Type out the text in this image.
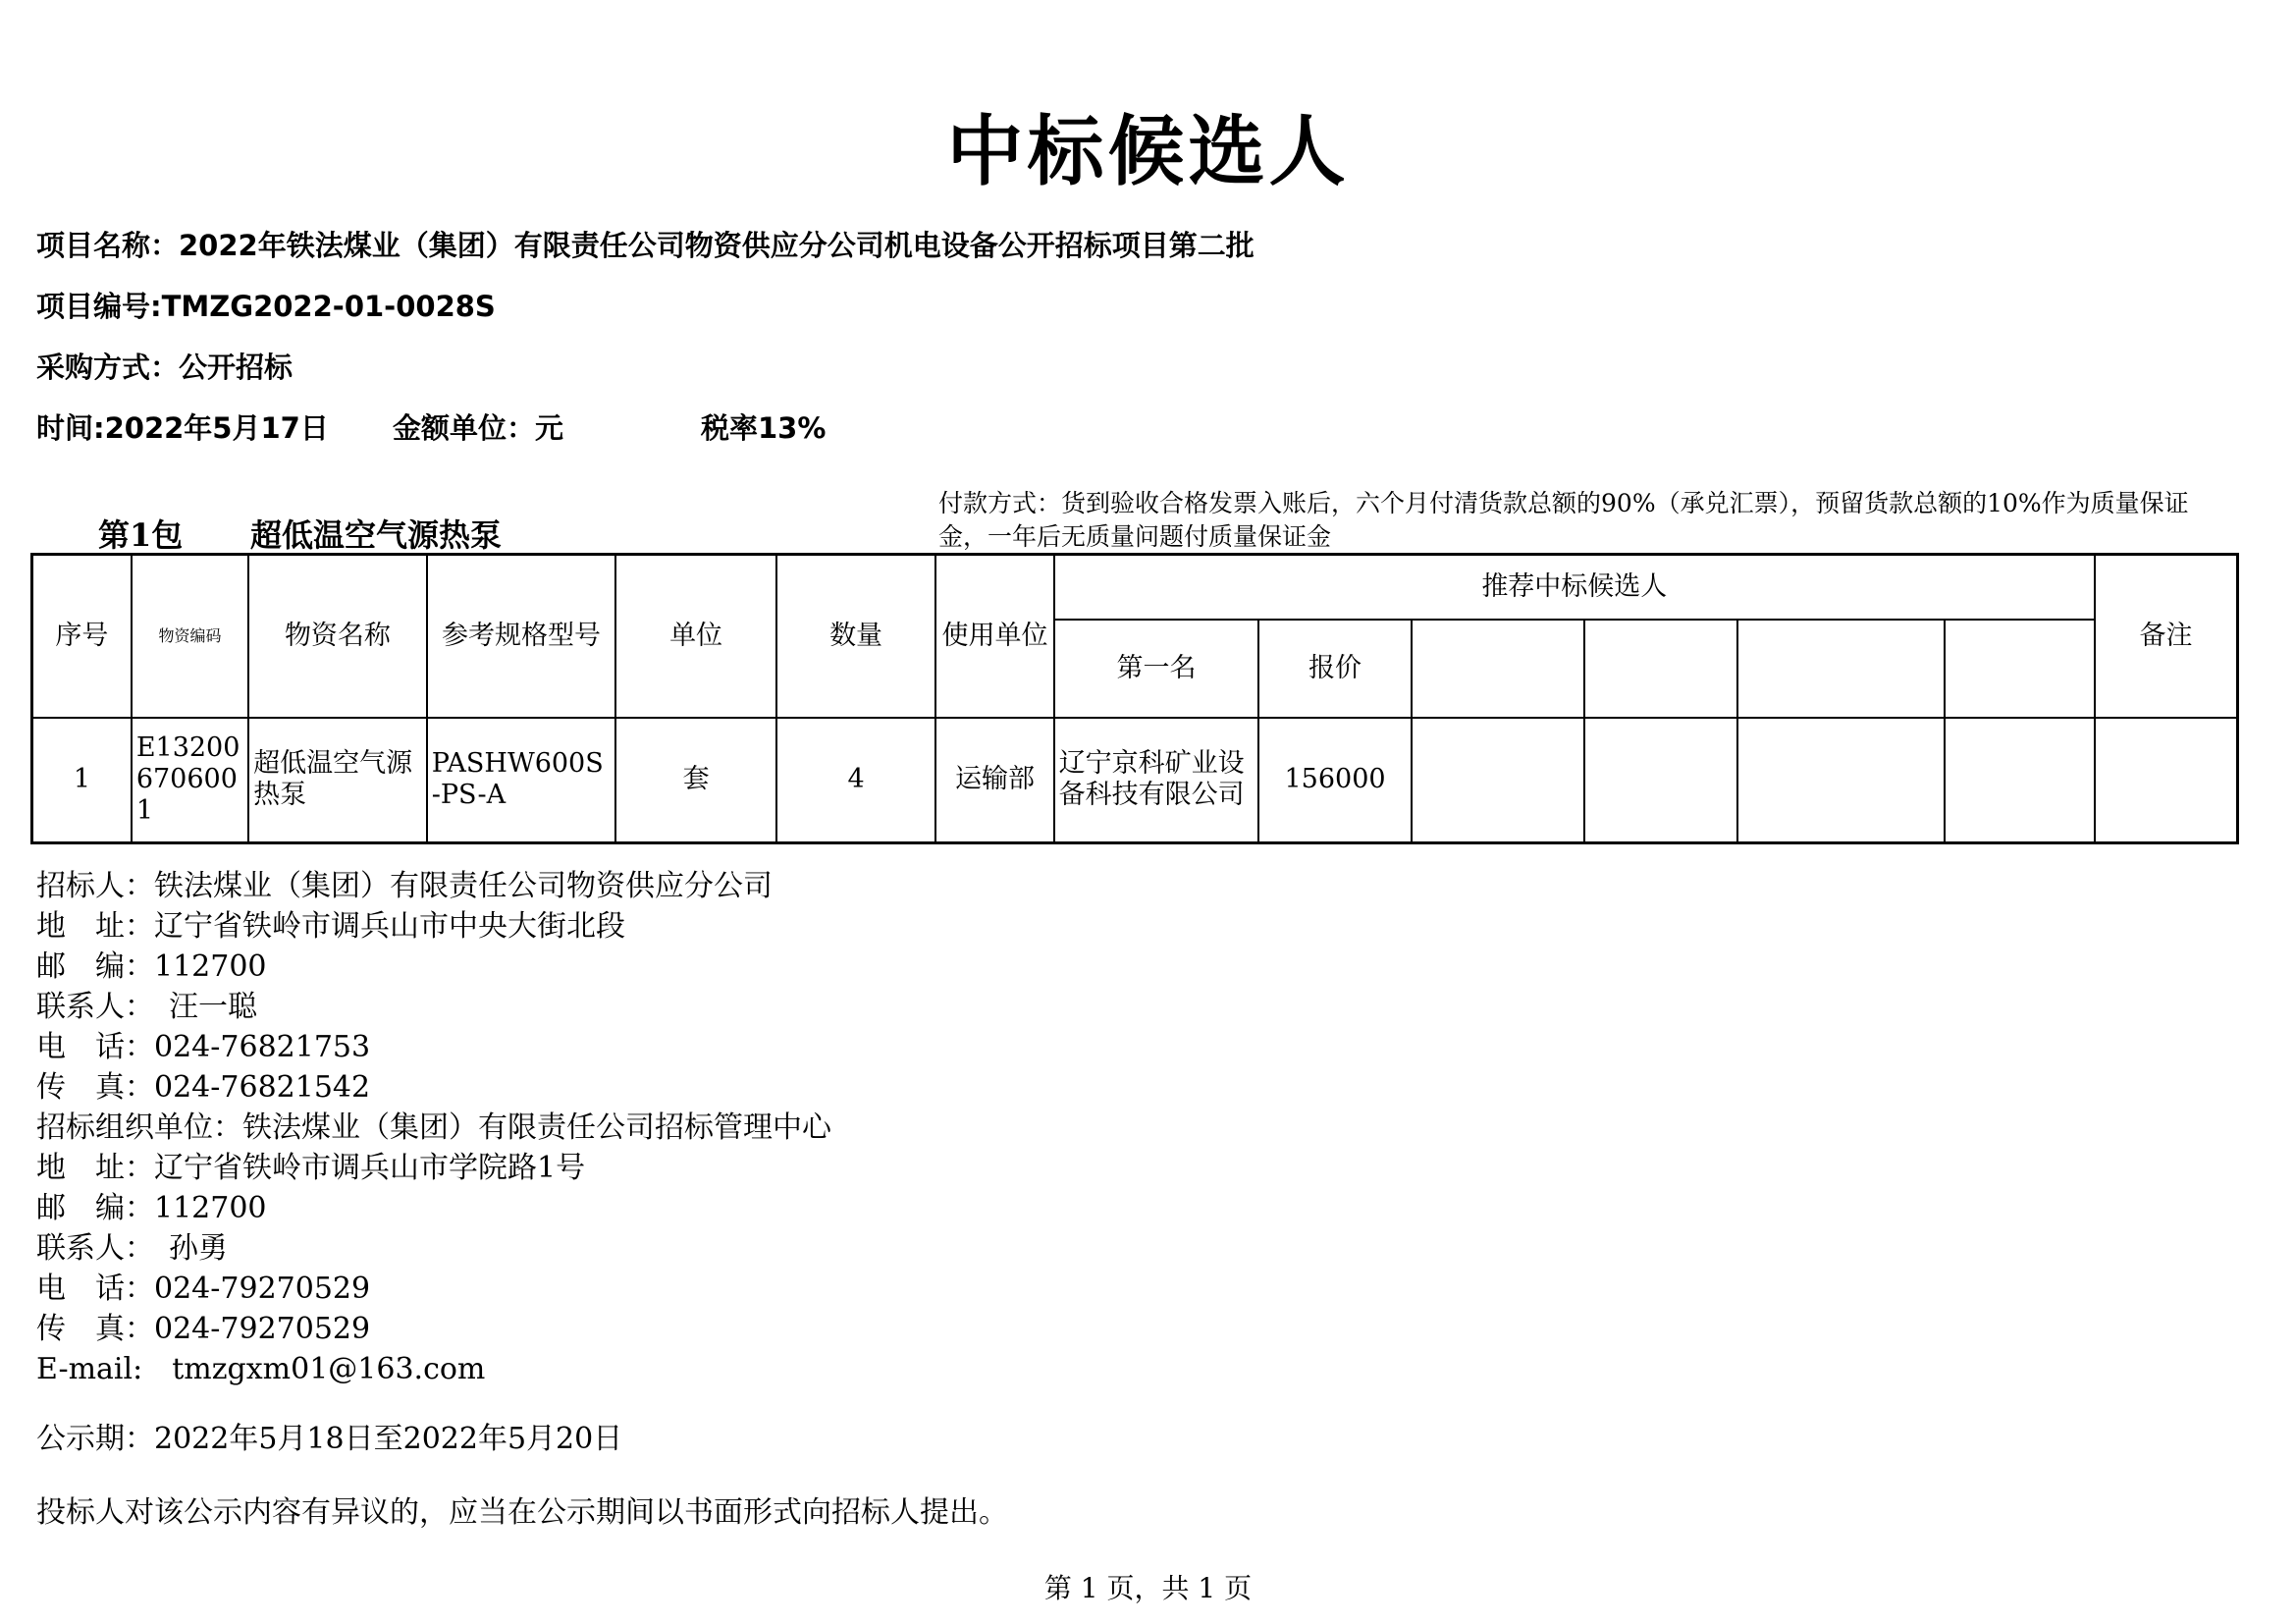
中标候选人
项目名称：2022年铁法煤业（集团）有限责任公司物资供应分公司机电设备公开招标项目第二批
项目编号:TMZG2022-01-0028S
采购方式：公开招标
时间:2022年5月17日 金额单位：元	税率13%
第1包 超低温空气源热泵
付款方式：货到验收合格发票入账后，六个月付清货款总额的90%（承兑汇票），预留货款总额的10%作为质量保证金，一年后无质量问题付质量保证金
序号	物资编码	物资名称	参考规格型号	单位	数量	使用单位	推荐中标候选人						备注
							第一名	报价					
1	E132006706001	超低温空气源热泵	PASHW600S-PS-A	套	4	运输部	辽宁京科矿业设备科技有限公司	156000					
招标人：铁法煤业（集团）有限责任公司物资供应分公司
地　址：辽宁省铁岭市调兵山市中央大街北段
邮　编：112700
联系人：　汪一聪
电　话：024-76821753
传　真：024-76821542
招标组织单位：铁法煤业（集团）有限责任公司招标管理中心
地　址：辽宁省铁岭市调兵山市学院路1号
邮　编：112700
联系人：　孙勇
电　话：024-79270529
传　真：024-79270529
E-mail:　tmzgxm01@163.com
公示期：2022年5月18日至2022年5月20日
投标人对该公示内容有异议的，应当在公示期间以书面形式向招标人提出。
第 1 页，共 1 页
